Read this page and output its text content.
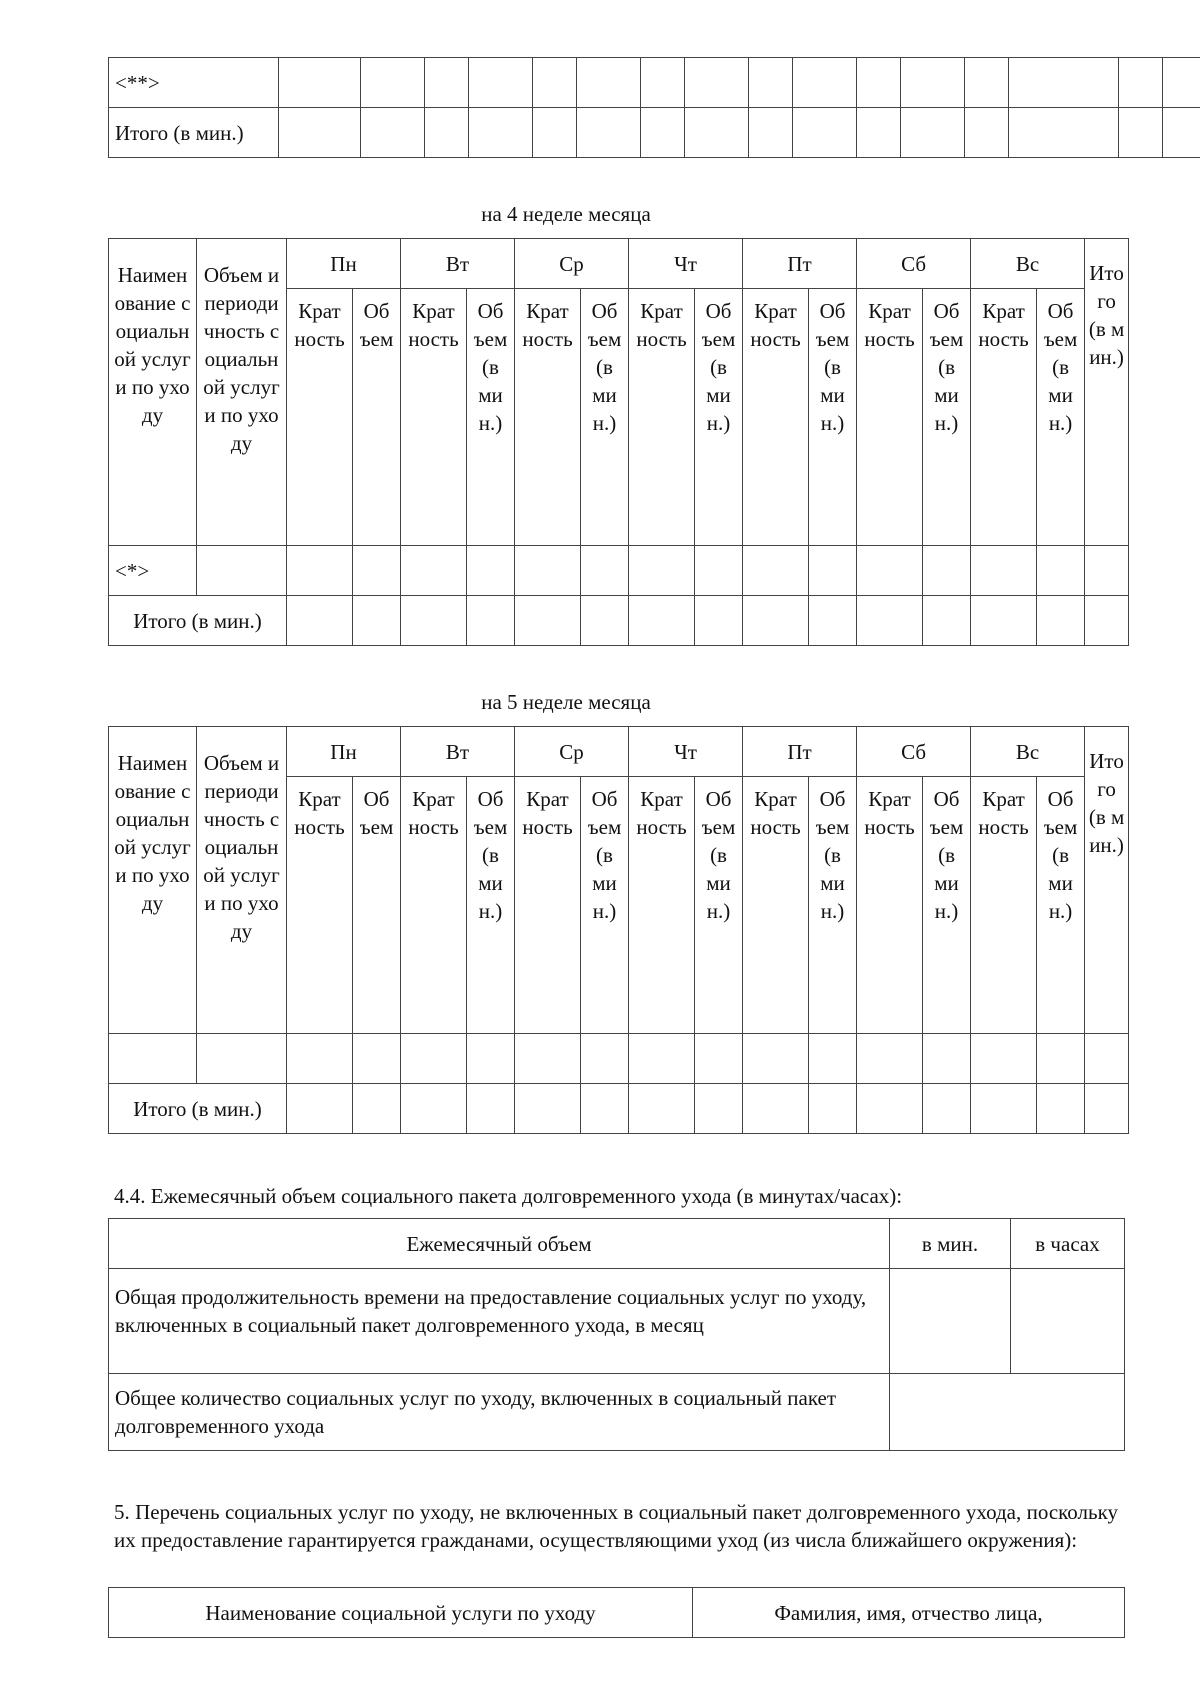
<**>																
Итого (в мин.)																
на 4 неделе месяца
Наименование социальной услуги по уходу	Объем и периодичность социальной услуги по уходу	Пн		Вт		Ср		Чт		Пт		Сб		Вс		Итого (в мин.)
		Кратность	Объем	Кратность	Объем (в мин.)	Кратность	Объем (в мин.)	Кратность	Объем (в мин.)	Кратность	Объем (в мин.)	Кратность	Объем (в мин.)	Кратность	Объем (в мин.)	
<*>																
Итого (в мин.)																
на 5 неделе месяца
Наименование социальной услуги по уходу	Объем и периодичность социальной услуги по уходу	Пн		Вт		Ср		Чт		Пт		Сб		Вс		Итого (в мин.)
		Кратность	Объем	Кратность	Объем (в мин.)	Кратность	Объем (в мин.)	Кратность	Объем (в мин.)	Кратность	Объем (в мин.)	Кратность	Объем (в мин.)	Кратность	Объем (в мин.)	

Итого (в мин.)																
4.4. Ежемесячный объем социального пакета долговременного ухода (в минутах/часах):
Ежемесячный объем	в мин.	в часах
Общая продолжительность времени на предоставление социальных услуг по уходу, включенных в социальный пакет долговременного ухода, в месяц		
Общее количество социальных услуг по уходу, включенных в социальный пакет долговременного ухода		
5. Перечень социальных услуг по уходу, не включенных в социальный пакет долговременного ухода, поскольку их предоставление гарантируется гражданами, осуществляющими уход (из числа ближайшего окружения):
Наименование социальной услуги по уходу	Фамилия, имя, отчество лица,
